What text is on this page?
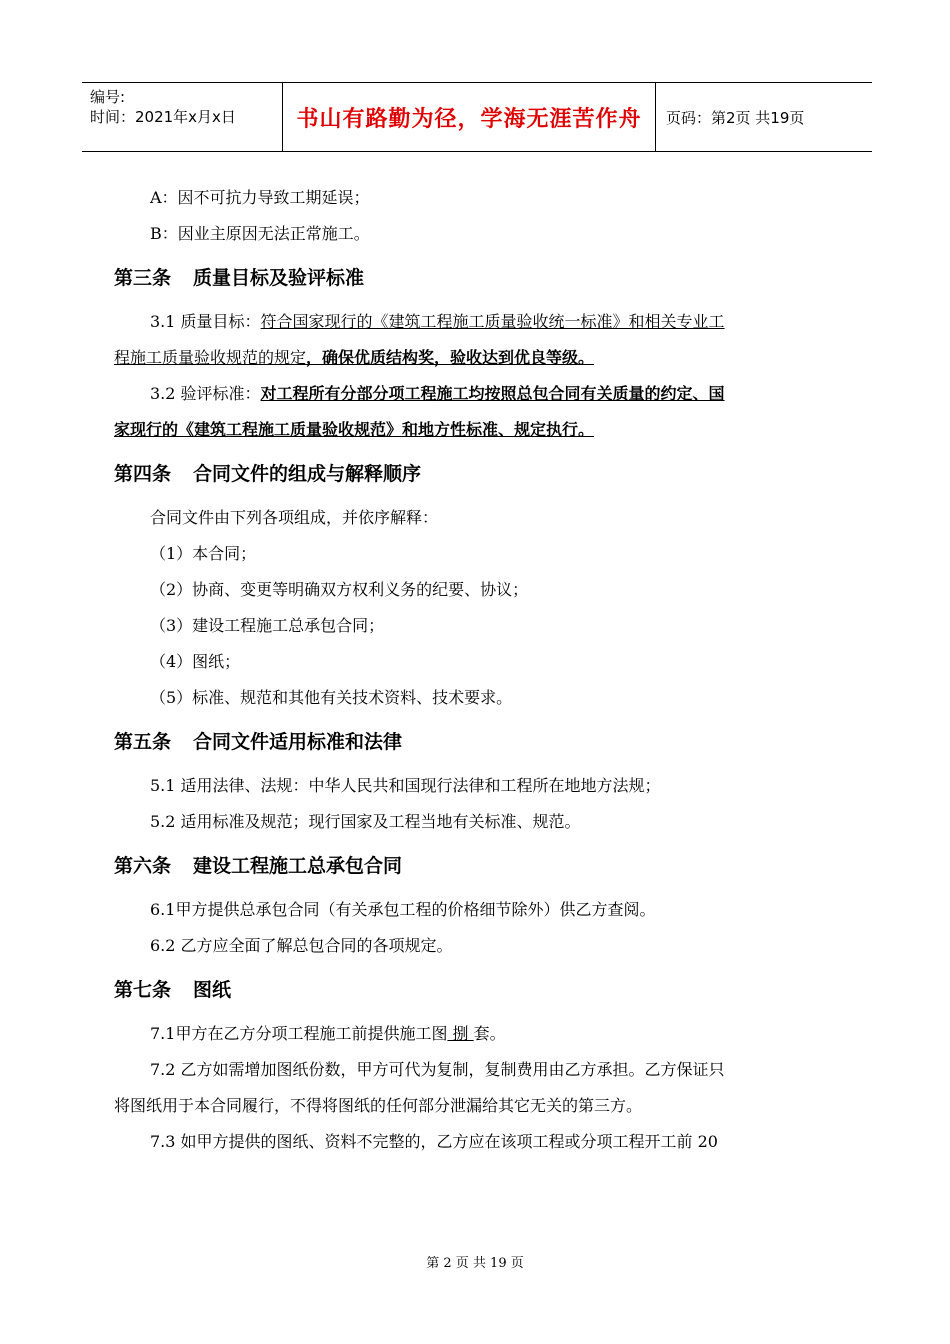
编号:
时间：2021年x月x日	书山有路勤为径，学海无涯苦作舟	页码：第2页 共19页
A：因不可抗力导致工期延误；
B：因业主原因无法正常施工。
第三条 质量目标及验评标准
3.1 质量目标：符合国家现行的《建筑工程施工质量验收统一标准》和相关专业工
程施工质量验收规范的规定，确保优质结构奖，验收达到优良等级。
3.2 验评标准：对工程所有分部分项工程施工均按照总包合同有关质量的约定、国
家现行的《建筑工程施工质量验收规范》和地方性标准、规定执行。
第四条 合同文件的组成与解释顺序
合同文件由下列各项组成，并依序解释：
（1）本合同；
（2）协商、变更等明确双方权利义务的纪要、协议；
（3）建设工程施工总承包合同；
（4）图纸；
（5）标准、规范和其他有关技术资料、技术要求。
第五条 合同文件适用标准和法律
5.1 适用法律、法规：中华人民共和国现行法律和工程所在地地方法规；
5.2 适用标准及规范；现行国家及工程当地有关标准、规范。
第六条 建设工程施工总承包合同
6.1甲方提供总承包合同（有关承包工程的价格细节除外）供乙方查阅。
6.2 乙方应全面了解总包合同的各项规定。
第七条 图纸
7.1甲方在乙方分项工程施工前提供施工图 捌 套。
7.2 乙方如需增加图纸份数，甲方可代为复制，复制费用由乙方承担。乙方保证只
将图纸用于本合同履行，不得将图纸的任何部分泄漏给其它无关的第三方。
7.3 如甲方提供的图纸、资料不完整的，乙方应在该项工程或分项工程开工前 20
第 2 页 共 19 页
